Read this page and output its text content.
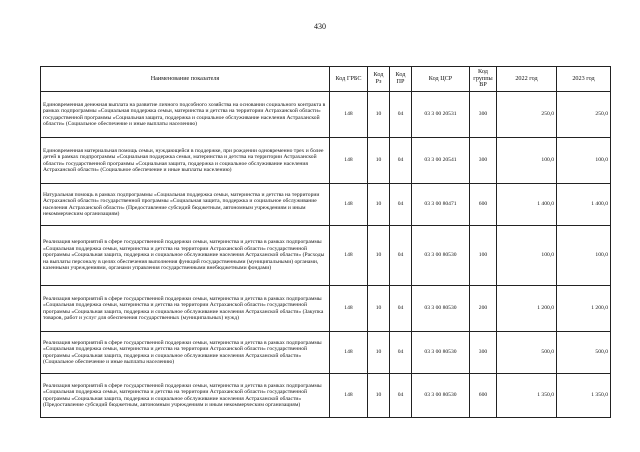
430
Наименование показателя	Код ГРБС	Код Рз	Код ПР	Код ЦСР	Код группы ВР	2022 год	2023 год
Единовременная денежная выплата на развитие личного подсобного хозяйства на основании социального контракта в рамках подпрограммы «Социальная поддержка семьи, материнства и детства на территории Астраханской области» государственной программы «Социальная защита, поддержка и социальное обслуживание населения Астраханской области» (Социальное обеспечение и иные выплаты населению)	148	10	04	03 3 00 20531	300	250,0	250,0
Единовременная материальная помощь семьи, нуждающейся в поддержке, при рождении одновременно трех и более детей в рамках подпрограммы «Социальная поддержка семьи, материнства и детства на территории Астраханской области» государственной программы «Социальная защита, поддержка и социальное обслуживание населения Астраханской области» (Социальное обеспечение и иные выплаты населению)	148	10	04	03 3 00 20541	300	100,0	100,0
Натуральная помощь в рамках подпрограммы «Социальная поддержка семьи, материнства и детства на территории Астраханской области» государственной программы «Социальная защита, поддержка и социальное обслуживание населения Астраханской области» (Предоставление субсидий бюджетным, автономным учреждениям и иным некоммерческим организациям)	148	10	04	03 3 00 80471	600	1 400,0	1 400,0
Реализация мероприятий в сфере государственной поддержки семьи, материнства и детства в рамках подпрограммы «Социальная поддержка семьи, материнства и детства на территории Астраханской области» государственной программы «Социальная защита, поддержка и социальное обслуживание населения Астраханской области» (Расходы на выплаты персоналу в целях обеспечения выполнения функций государственными (муниципальными) органами, казенными учреждениями, органами управления государственными внебюджетными фондами)	148	10	04	03 3 00 80530	100	100,0	100,0
Реализация мероприятий в сфере государственной поддержки семьи, материнства и детства в рамках подпрограммы «Социальная поддержка семьи, материнства и детства на территории Астраханской области» государственной программы «Социальная защита, поддержка и социальное обслуживание населения Астраханской области» (Закупка товаров, работ и услуг для обеспечения государственных (муниципальных) нужд)	148	10	04	03 3 00 80530	200	1 200,0	1 200,0
Реализация мероприятий в сфере государственной поддержки семьи, материнства и детства в рамках подпрограммы «Социальная поддержка семьи, материнства и детства на территории Астраханской области» государственной программы «Социальная защита, поддержка и социальное обслуживание населения Астраханской области» (Социальное обеспечение и иные выплаты населению)	148	10	04	03 3 00 80530	300	500,0	500,0
Реализация мероприятий в сфере государственной поддержки семьи, материнства и детства в рамках подпрограммы «Социальная поддержка семьи, материнства и детства на территории Астраханской области» государственной программы «Социальная защита, поддержка и социальное обслуживание населения Астраханской области» (Предоставление субсидий бюджетным, автономным учреждениям и иным некоммерческим организациям)	148	10	04	03 3 00 80530	600	1 350,0	1 350,0
